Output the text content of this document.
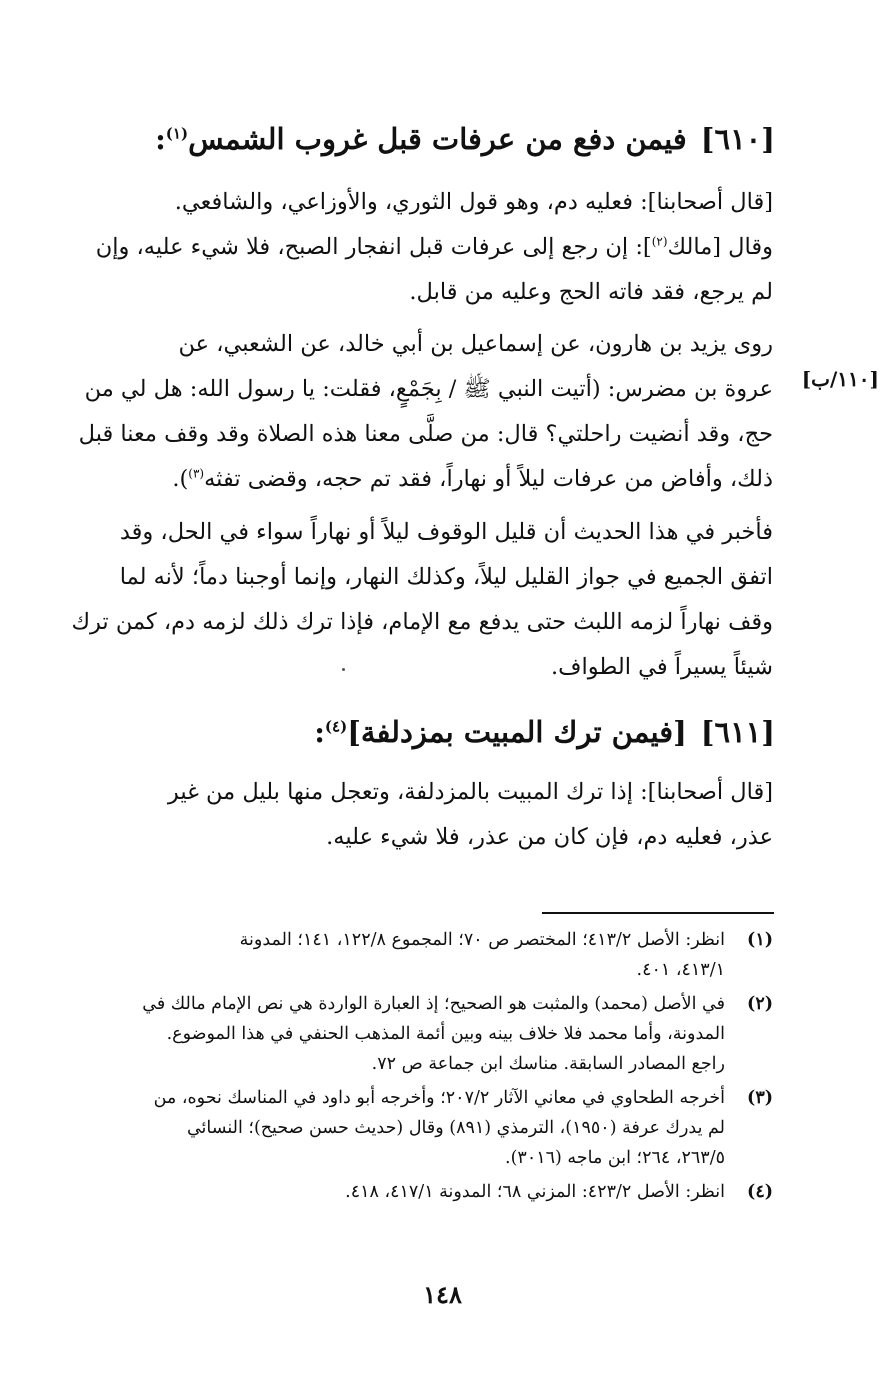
[٦١٠]فيمن دفع من عرفات قبل غروب الشمس$^{(١)}$:
[قال أصحابنا]: فعليه دم، وهو قول الثوري، والأوزاعي، والشافعي.
وقال [مالك$^{(٢)}$]: إن رجع إلى عرفات قبل انفجار الصبح، فلا شيء عليه، وإن
لم يرجع، فقد فاته الحج وعليه من قابل.
روى يزيد بن هارون، عن إسماعيل بن أبي خالد، عن الشعبي، عن
عروة بن مضرس: (أتيت النبي ﷺ / بِجَمْعٍ، فقلت: يا رسول الله: هل لي من
حج، وقد أنضيت راحلتي؟ قال: من صلَّى معنا هذه الصلاة وقد وقف معنا قبل
ذلك، وأفاض من عرفات ليلاً أو نهاراً، فقد تم حجه، وقضى تفثه$^{(٣)}$).
[١١٠/ب]
فأخبر في هذا الحديث أن قليل الوقوف ليلاً أو نهاراً سواء في الحل، وقد
اتفق الجميع في جواز القليل ليلاً، وكذلك النهار، وإنما أوجبنا دماً؛ لأنه لما
وقف نهاراً لزمه اللبث حتى يدفع مع الإمام، فإذا ترك ذلك لزمه دم، كمن ترك
شيئاً يسيراً في الطواف.
[٦١١][فيمن ترك المبيت بمزدلفة]$^{(٤)}$:
[قال أصحابنا]: إذا ترك المبيت بالمزدلفة، وتعجل منها بليل من غير
عذر، فعليه دم، فإن كان من عذر، فلا شيء عليه.
(١)
انظر: الأصل ٤١٣/٢؛ المختصر ص ٧٠؛ المجموع ١٢٢/٨، ١٤١؛ المدونة
٤١٣/١، ٤٠١.
(٢)
في الأصل (محمد) والمثبت هو الصحيح؛ إذ العبارة الواردة هي نص الإمام مالك في
المدونة، وأما محمد فلا خلاف بينه وبين أئمة المذهب الحنفي في هذا الموضوع.
راجع المصادر السابقة. مناسك ابن جماعة ص ٧٢.
(٣)
أخرجه الطحاوي في معاني الآثار ٢٠٧/٢؛ وأخرجه أبو داود في المناسك نحوه، من
لم يدرك عرفة (١٩٥٠)، الترمذي (٨٩١) وقال (حديث حسن صحيح)؛ النسائي
٢٦٣/٥، ٢٦٤؛ ابن ماجه (٣٠١٦).
(٤)
انظر: الأصل ٤٢٣/٢: المزني ٦٨؛ المدونة ٤١٧/١، ٤١٨.
١٤٨
